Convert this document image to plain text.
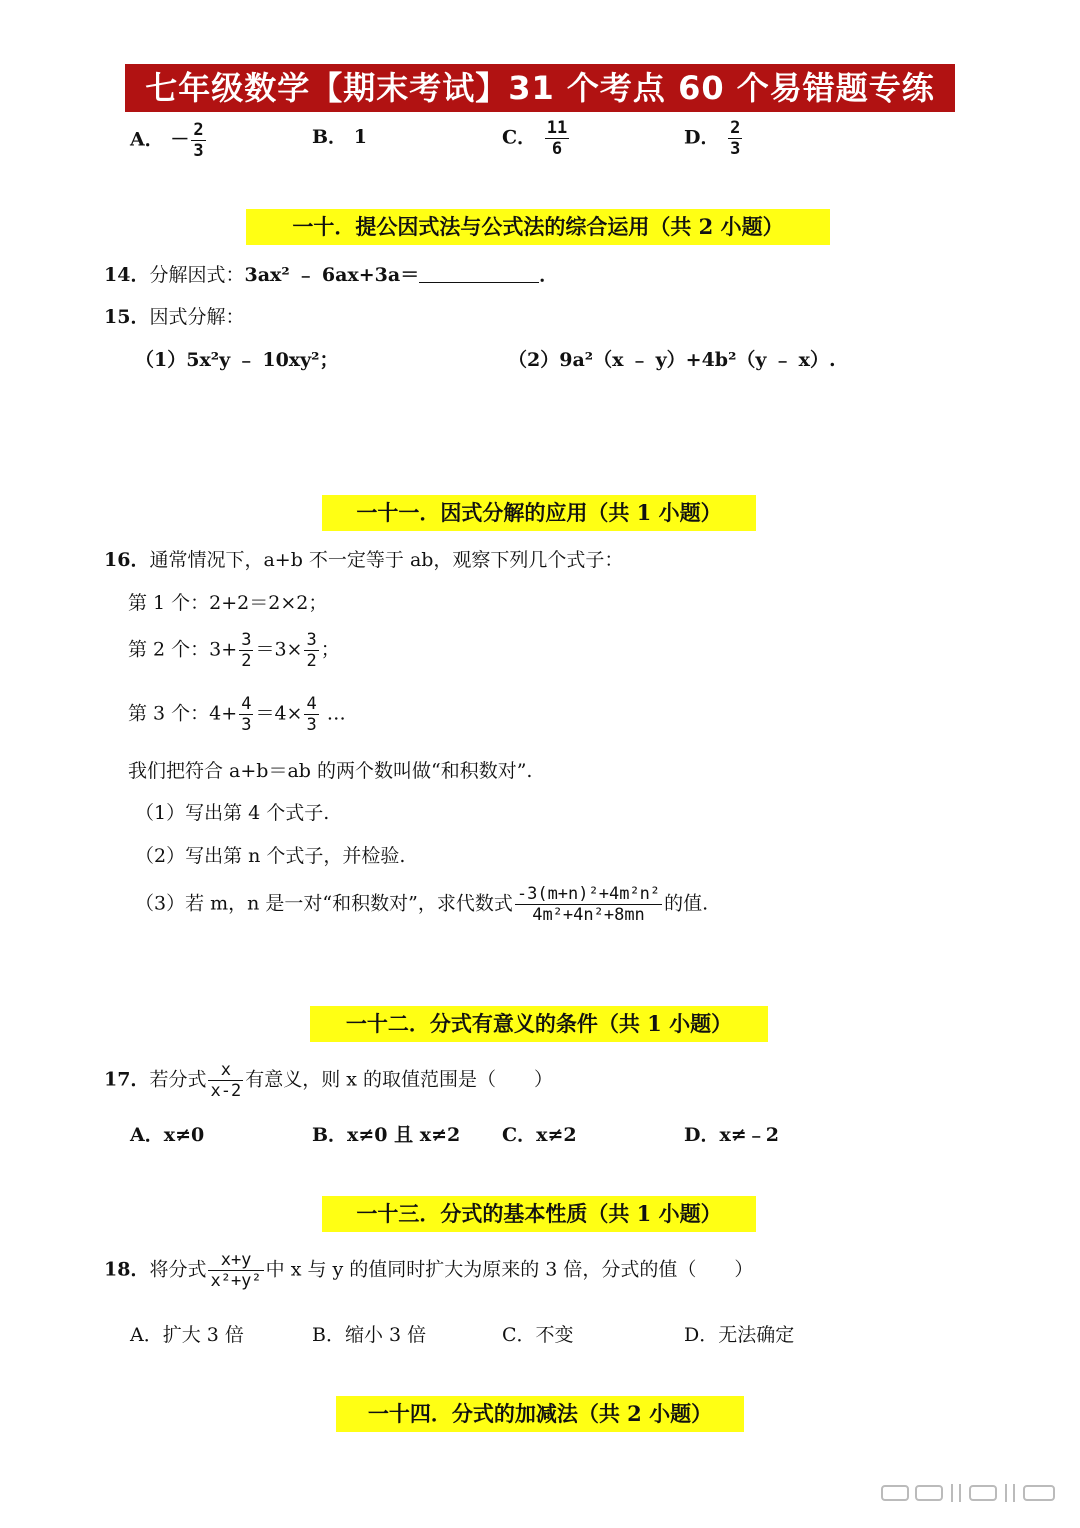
七年级数学【期末考试】31 个考点 60 个易错题专练
A． － $\frac{2}{3}$	B． 1	C． $\frac{11}{6}$	D． $\frac{2}{3}$
一十．提公因式法与公式法的综合运用（共 2 小题）
14．分解因式：3ax² ﹣ 6ax+3a＝	．
15．因式分解：
（1）5x²y ﹣ 10xy²；	（2）9a²（x ﹣ y）+4b²（y ﹣ x）.
一十一．因式分解的应用（共 1 小题）
16．通常情况下，a+b 不一定等于 ab，观察下列几个式子：
第 1 个：2+2＝2×2；
第 2 个：$3+ \frac{3}{2} =3\times \frac{3}{2}$ ；
第 3 个：$4+ \frac{4}{3} =4\times \frac{4}{3}$ …
我们把符合 a+b＝ab 的两个数叫做“和积数对”.
（1）写出第 4 个式子.
（2）写出第 n 个式子，并检验.
（3）若 m，n 是一对“和积数对”，求代数式 $\frac{\text{-3(m+n)²+4m²n²}}{\text{4m²+4n²+8mn}}$ 的值.
一十二．分式有意义的条件（共 1 小题）
17．若分式 $\frac{x}{x-2}$ 有意义，则 x 的取值范围是（　　）
A．x≠0	B．x≠0 且 x≠2 C．x≠2	D．x≠﹣2
一十三．分式的基本性质（共 1 小题）
18．将分式 $\frac{x+y}{\text{x²+y²}}$ 中 x 与 y 的值同时扩大为原来的 3 倍，分式的值（　　）
A．扩大 3 倍	B．缩小 3 倍	C．不变	D．无法确定
一十四．分式的加减法（共 2 小题）
